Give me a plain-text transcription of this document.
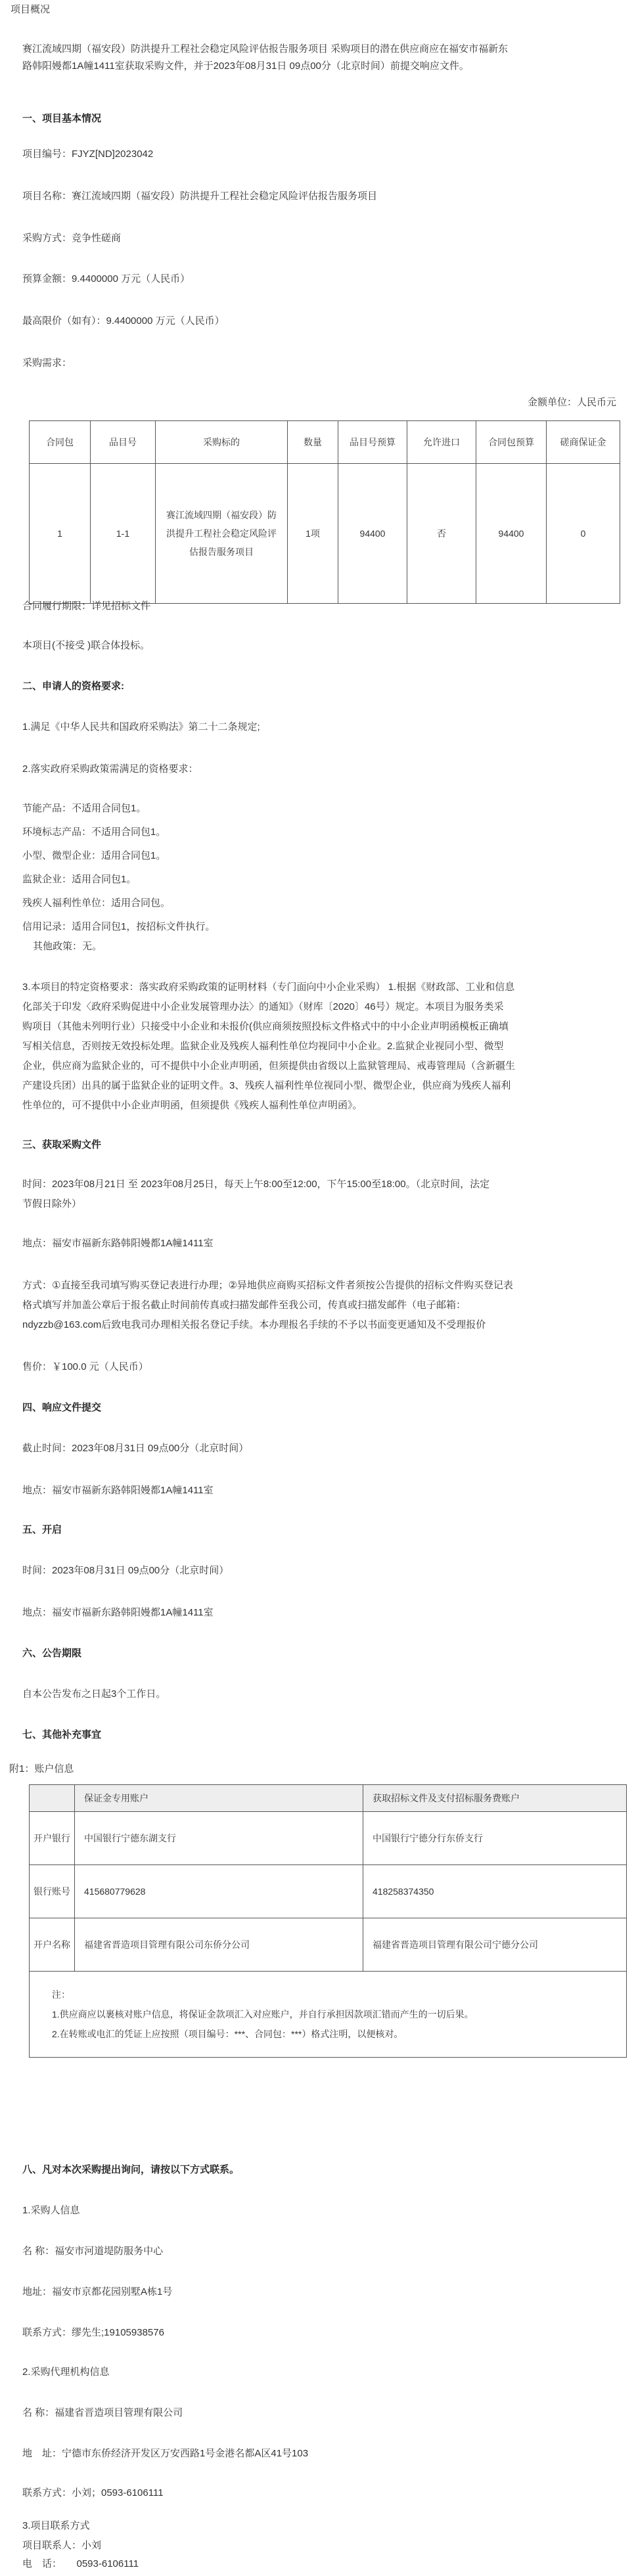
项目概况
赛江流域四期（福安段）防洪提升工程社会稳定风险评估报告服务项目 采购项目的潜在供应商应在福安市福新东
路韩阳嫚都1A幢1411室获取采购文件，并于2023年08月31日 09点00分（北京时间）前提交响应文件。
一、项目基本情况
项目编号：FJYZ[ND]2023042
项目名称：赛江流域四期（福安段）防洪提升工程社会稳定风险评估报告服务项目
采购方式：竞争性磋商
预算金额：9.4400000 万元（人民币）
最高限价（如有）：9.4400000 万元（人民币）
采购需求：
金额单位：人民币元
合同包	品目号	采购标的	数量	品目号预算	允许进口	合同包预算	磋商保证金
1	1-1	赛江流域四期（福安段）防洪提升工程社会稳定风险评估报告服务项目	1项	94400	否	94400	0
合同履行期限：详见招标文件
本项目(不接受 )联合体投标。
二、申请人的资格要求:
1.满足《中华人民共和国政府采购法》第二十二条规定;
2.落实政府采购政策需满足的资格要求：
节能产品：不适用合同包1。
环境标志产品：不适用合同包1。
小型、微型企业：适用合同包1。
监狱企业：适用合同包1。
残疾人福利性单位：适用合同包。
信用记录：适用合同包1，按招标文件执行。
其他政策：无。
3.本项目的特定资格要求：落实政府采购政策的证明材料（专门面向中小企业采购） 1.根据《财政部、工业和信息
化部关于印发〈政府采购促进中小企业发展管理办法〉的通知》（财库〔2020〕46号）规定。本项目为服务类采
购项目（其他未列明行业）只接受中小企业和未报价(供应商须按照投标文件格式中的中小企业声明函模板正确填
写相关信息，否则按无效投标处理。监狱企业及残疾人福利性单位均视同中小企业。2.监狱企业视同小型、微型
企业，供应商为监狱企业的，可不提供中小企业声明函，但须提供由省级以上监狱管理局、戒毒管理局（含新疆生
产建设兵团）出具的属于监狱企业的证明文件。3、残疾人福利性单位视同小型、微型企业，供应商为残疾人福利
性单位的，可不提供中小企业声明函，但须提供《残疾人福利性单位声明函》。
三、获取采购文件
时间：2023年08月21日 至 2023年08月25日，每天上午8:00至12:00，下午15:00至18:00。（北京时间，法定
节假日除外）
地点：福安市福新东路韩阳嫚都1A幢1411室
方式：①直接至我司填写购买登记表进行办理；②异地供应商购买招标文件者须按公告提供的招标文件购买登记表
格式填写并加盖公章后于报名截止时间前传真或扫描发邮件至我公司，传真或扫描发邮件（电子邮箱：
ndyzzb@163.com后致电我司办理相关报名登记手续。本办理报名手续的不予以书面变更通知及不受理报价
售价：￥100.0 元（人民币）
四、响应文件提交
截止时间：2023年08月31日 09点00分（北京时间）
地点：福安市福新东路韩阳嫚都1A幢1411室
五、开启
时间：2023年08月31日 09点00分（北京时间）
地点：福安市福新东路韩阳嫚都1A幢1411室
六、公告期限
自本公告发布之日起3个工作日。
七、其他补充事宜
附1：账户信息
	保证金专用账户	获取招标文件及支付招标服务费账户
开户银行	中国银行宁德东湖支行	中国银行宁德分行东侨支行
银行账号	415680779628	418258374350
开户名称	福建省晋造项目管理有限公司东侨分公司	福建省晋造项目管理有限公司宁德分公司

注：
1.供应商应以裹核对账户信息，将保证金款项汇入对应账户，并自行承担因款项汇错而产生的一切后果。
2.在转账或电汇的凭证上应按照（项目编号：***、合同包：***）格式注明，以便核对。		
八、凡对本次采购提出询问，请按以下方式联系。
1.采购人信息
名 称：福安市河道堤防服务中心
地址：福安市京都花园别墅A栋1号
联系方式：缪先生;19105938576
2.采购代理机构信息
名 称：福建省晋造项目管理有限公司
地　址：宁德市东侨经济开发区万安西路1号金港名都A区41号103
联系方式：小刘；0593-6106111
3.项目联系方式
项目联系人：小刘
电　话：　　0593-6106111
